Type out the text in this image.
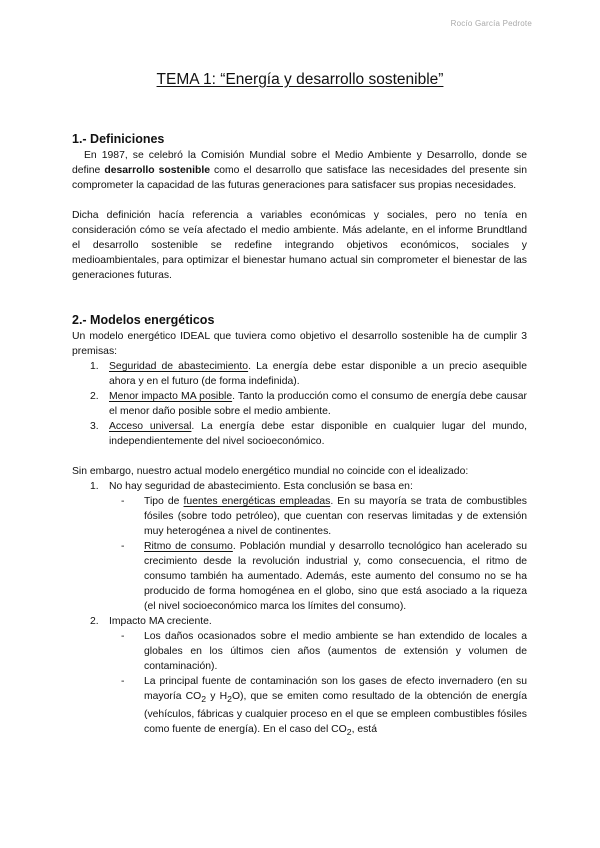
Rocío García Pedrote
TEMA 1: “Energía y desarrollo sostenible”
1.- Definiciones

En 1987, se celebró la Comisión Mundial sobre el Medio Ambiente y Desarrollo, donde se define desarrollo sostenible como el desarrollo que satisface las necesidades del presente sin comprometer la capacidad de las futuras generaciones para satisfacer sus propias necesidades.

Dicha definición hacía referencia a variables económicas y sociales, pero no tenía en consideración cómo se veía afectado el medio ambiente. Más adelante, en el informe Brundtland el desarrollo sostenible se redefine integrando objetivos económicos, sociales y medioambientales, para optimizar el bienestar humano actual sin comprometer el bienestar de las generaciones futuras.

2.- Modelos energéticos

Un modelo energético IDEAL que tuviera como objetivo el desarrollo sostenible ha de cumplir 3 premisas:

1. Seguridad de abastecimiento. La energía debe estar disponible a un precio asequible ahora y en el futuro (de forma indefinida).
2. Menor impacto MA posible. Tanto la producción como el consumo de energía debe causar el menor daño posible sobre el medio ambiente.
3. Acceso universal. La energía debe estar disponible en cualquier lugar del mundo, independientemente del nivel socioeconómico.

Sin embargo, nuestro actual modelo energético mundial no coincide con el idealizado:

1. No hay seguridad de abastecimiento. Esta conclusión se basa en:
- Tipo de fuentes energéticas empleadas. En su mayoría se trata de combustibles fósiles (sobre todo petróleo), que cuentan con reservas limitadas y de extensión muy heterogénea a nivel de continentes.
- Ritmo de consumo. Población mundial y desarrollo tecnológico han acelerado su crecimiento desde la revolución industrial y, como consecuencia, el ritmo de consumo también ha aumentado. Además, este aumento del consumo no se ha producido de forma homogénea en el globo, sino que está asociado a la riqueza (el nivel socioeconómico marca los límites del consumo).
2. Impacto MA creciente.
- Los daños ocasionados sobre el medio ambiente se han extendido de locales a globales en los últimos cien años (aumentos de extensión y volumen de contaminación).
- La principal fuente de contaminación son los gases de efecto invernadero (en su mayoría $CO_2$ y $H_2O$), que se emiten como resultado de la obtención de energía (vehículos, fábricas y cualquier proceso en el que se empleen combustibles fósiles como fuente de energía). En el caso del $CO_2$, está
